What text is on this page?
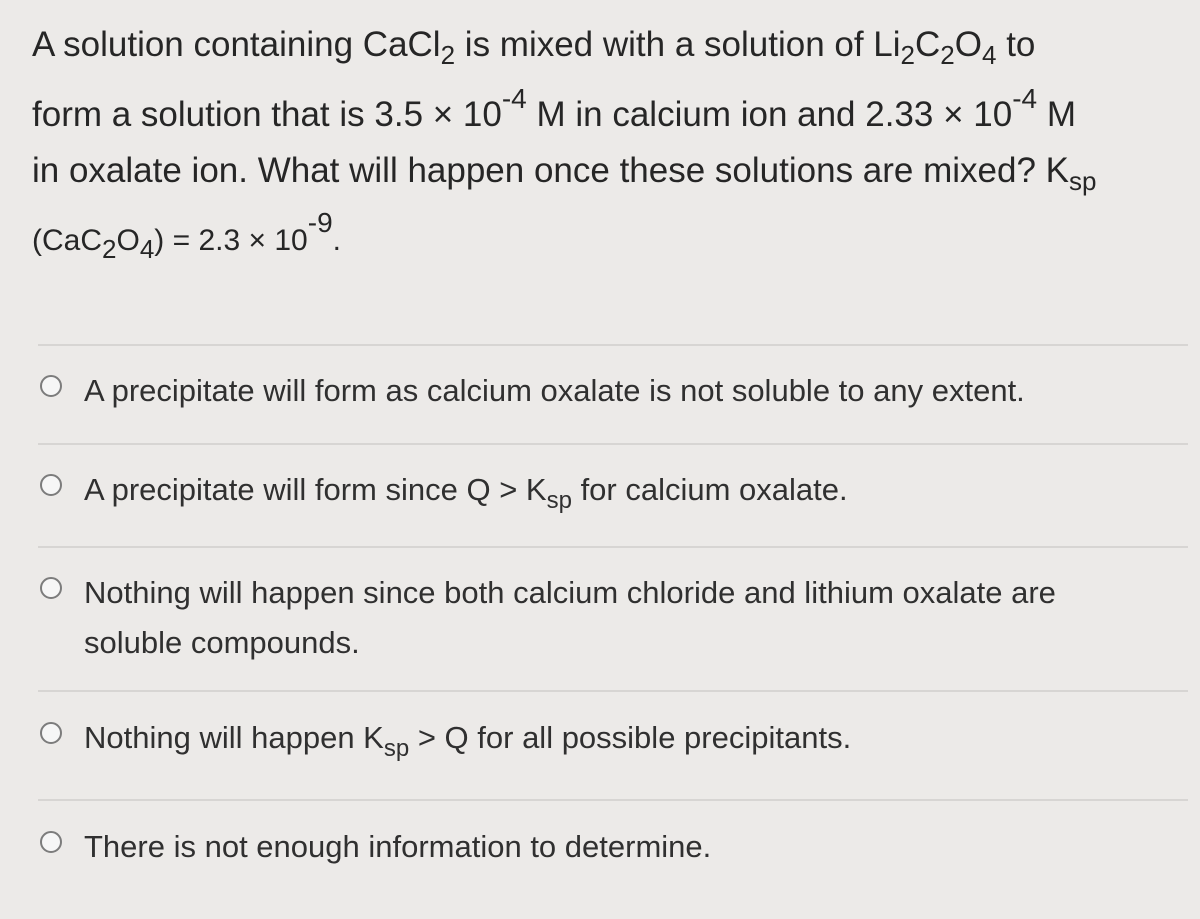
A solution containing CaCl$_2$ is mixed with a solution of $Li_2C_2O_4$ to
form a solution that is $3.5 \times 10^{-4}$ M in calcium ion and $2.33 \times 10^{-4}$ M
in oxalate ion. What will happen once these solutions are mixed? $K_{sp}$
$(CaC_2O_4) = 2.3 \times 10^{-9}$.
A precipitate will form as calcium oxalate is not soluble to any extent.
A precipitate will form since $Q > K_{sp}$ for calcium oxalate.
Nothing will happen since both calcium chloride and lithium oxalate are
soluble compounds.
Nothing will happen $K_{sp} > Q$ for all possible precipitants.
There is not enough information to determine.
